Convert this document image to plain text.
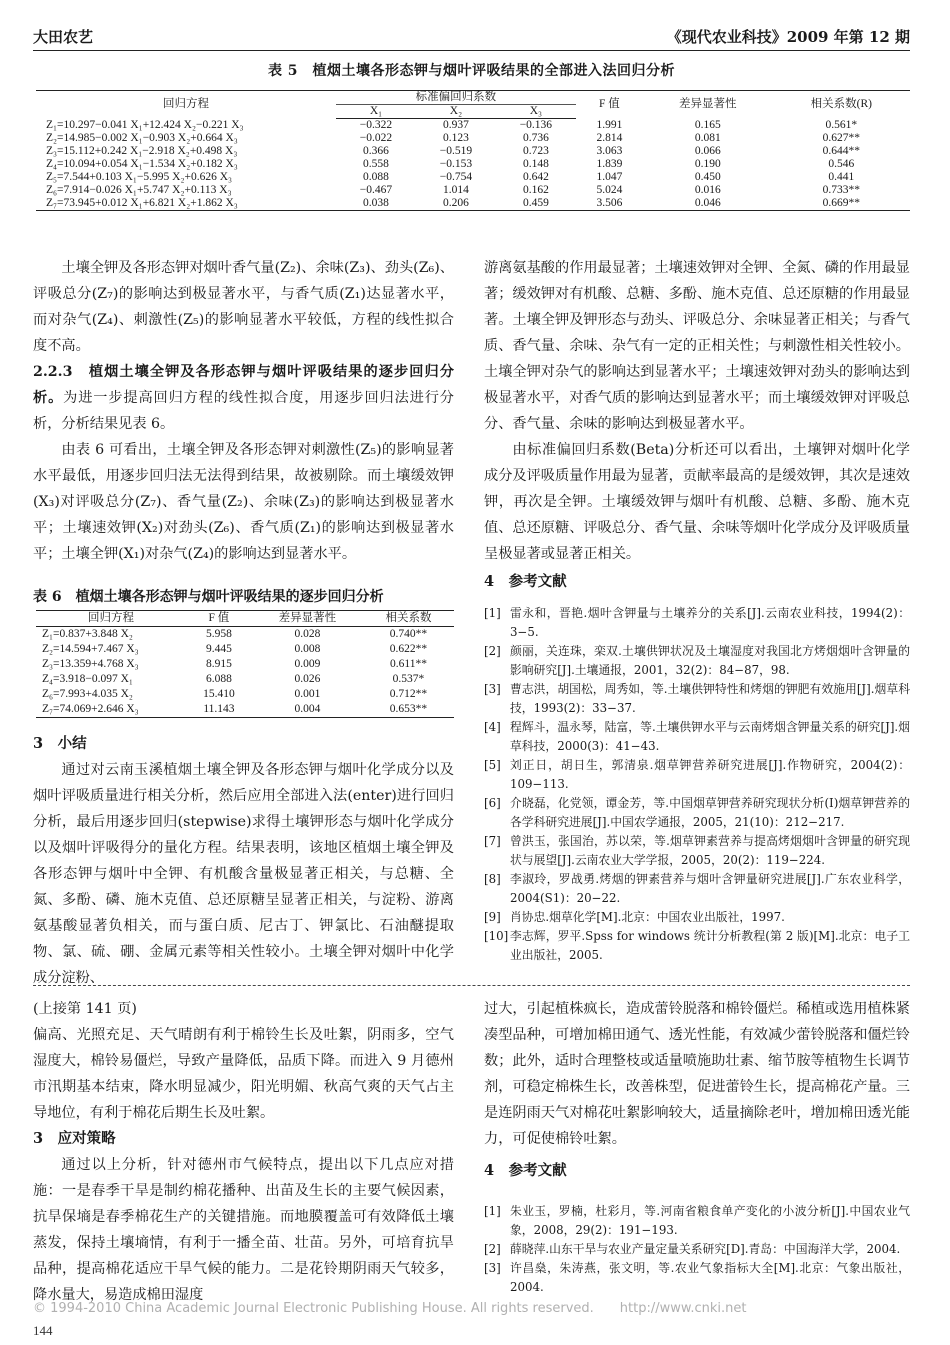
大田农艺	《现代农业科技》2009 年第 12 期
表 5　植烟土壤各形态钾与烟叶评吸结果的全部进入法回归分析
回归方程	标准偏回归系数			F 值	差异显著性	相关系数(R)
	X₁	X₂	X₃			
Z₁=10.297−0.041 X₁+12.424 X₂−0.221 X₃	−0.322	0.937	−0.136	1.991	0.165	0.561*
Z₂=14.985−0.002 X₁−0.903 X₂+0.664 X₃	−0.022	0.123	0.736	2.814	0.081	0.627**
Z₃=15.112+0.242 X₁−2.918 X₂+0.498 X₃	0.366	−0.519	0.723	3.063	0.066	0.644**
Z₄=10.094+0.054 X₁−1.534 X₂+0.182 X₃	0.558	−0.153	0.148	1.839	0.190	0.546
Z₅=7.544+0.103 X₁−5.995 X₂+0.626 X₃	0.088	−0.754	0.642	1.047	0.450	0.441
Z₆=7.914−0.026 X₁+5.747 X₂+0.113 X₃	−0.467	1.014	0.162	5.024	0.016	0.733**
Z₇=73.945+0.012 X₁+6.821 X₂+1.862 X₃	0.038	0.206	0.459	3.506	0.046	0.669**

土壤全钾及各形态钾对烟叶香气量(Z₂)、余味(Z₃)、劲头(Z₆)、评吸总分(Z₇)的影响达到极显著水平，与香气质(Z₁)达显著水平，而对杂气(Z₄)、刺激性(Z₅)的影响显著水平较低，方程的线性拟合度不高。

2.2.3　植烟土壤全钾及各形态钾与烟叶评吸结果的逐步回归分析。为进一步提高回归方程的线性拟合度，用逐步回归法进行分析，分析结果见表 6。

由表 6 可看出，土壤全钾及各形态钾对刺激性(Z₅)的影响显著水平最低，用逐步回归法无法得到结果，故被剔除。而土壤缓效钾(X₃)对评吸总分(Z₇)、香气量(Z₂)、余味(Z₃)的影响达到极显著水平；土壤速效钾(X₂)对劲头(Z₆)、香气质(Z₁)的影响达到极显著水平；土壤全钾(X₁)对杂气(Z₄)的影响达到显著水平。

表 6　植烟土壤各形态钾与烟叶评吸结果的逐步回归分析
回归方程	F 值	差异显著性	相关系数
Z₁=0.837+3.848 X₂	5.958	0.028	0.740**
Z₂=14.594+7.467 X₃	9.445	0.008	0.622**
Z₃=13.359+4.768 X₃	8.915	0.009	0.611**
Z₄=3.918−0.097 X₁	6.088	0.026	0.537*
Z₆=7.993+4.035 X₂	15.410	0.001	0.712**
Z₇=74.069+2.646 X₃	11.143	0.004	0.653**
3　小结

通过对云南玉溪植烟土壤全钾及各形态钾与烟叶化学成分以及烟叶评吸质量进行相关分析，然后应用全部进入法(enter)进行回归分析，最后用逐步回归(stepwise)求得土壤钾形态与烟叶化学成分以及烟叶评吸得分的量化方程。结果表明，该地区植烟土壤全钾及各形态钾与烟叶中全钾、有机酸含量极显著正相关，与总糖、全氮、多酚、磷、施木克值、总还原糖呈显著正相关，与淀粉、游离氨基酸显著负相关，而与蛋白质、尼古丁、钾氯比、石油醚提取物、氯、硫、硼、金属元素等相关性较小。土壤全钾对烟叶中化学成分淀粉、

游离氨基酸的作用最显著；土壤速效钾对全钾、全氮、磷的作用最显著；缓效钾对有机酸、总糖、多酚、施木克值、总还原糖的作用最显著。土壤全钾及钾形态与劲头、评吸总分、余味显著正相关；与香气质、香气量、余味、杂气有一定的正相关性；与刺激性相关性较小。土壤全钾对杂气的影响达到显著水平；土壤速效钾对劲头的影响达到极显著水平，对香气质的影响达到显著水平；而土壤缓效钾对评吸总分、香气量、余味的影响达到极显著水平。

由标准偏回归系数(Beta)分析还可以看出，土壤钾对烟叶化学成分及评吸质量作用最为显著，贡献率最高的是缓效钾，其次是速效钾，再次是全钾。土壤缓效钾与烟叶有机酸、总糖、多酚、施木克值、总还原糖、评吸总分、香气量、余味等烟叶化学成分及评吸质量呈极显著或显著正相关。

4　参考文献
[1] 雷永和，晋艳.烟叶含钾量与土壤养分的关系[J].云南农业科技，1994(2)：3−5.
[2] 颜丽，关连珠，栾双.土壤供钾状况及土壤湿度对我国北方烤烟烟叶含钾量的影响研究[J].土壤通报，2001，32(2)：84−87，98.
[3] 曹志洪，胡国松，周秀如，等.土壤供钾特性和烤烟的钾肥有效施用[J].烟草科技，1993(2)：33−37.
[4] 程辉斗，温永琴，陆富，等.土壤供钾水平与云南烤烟含钾量关系的研究[J].烟草科技，2000(3)：41−43.
[5] 刘正日，胡日生，郭清泉.烟草钾营养研究进展[J].作物研究，2004(2)：109−113.
[6] 介晓磊，化党领，谭金芳，等.中国烟草钾营养研究现状分析(I)烟草钾营养的各学科研究进展[J].中国农学通报，2005，21(10)：212−217.
[7] 曾洪玉，张国治，苏以荣，等.烟草钾素营养与提高烤烟烟叶含钾量的研究现状与展望[J].云南农业大学学报，2005，20(2)：119−224.
[8] 李淑玲，罗战勇.烤烟的钾素营养与烟叶含钾量研究进展[J].广东农业科学，2004(S1)：20−22.
[9] 肖协忠.烟草化学[M].北京：中国农业出版社，1997.
[10] 李志辉，罗平.Spss for windows 统计分析教程(第 2 版)[M].北京：电子工业出版社，2005.
(上接第 141 页)

偏高、光照充足、天气晴朗有利于棉铃生长及吐絮，阴雨多，空气湿度大，棉铃易僵烂，导致产量降低，品质下降。而进入 9 月德州市汛期基本结束，降水明显减少，阳光明媚、秋高气爽的天气占主导地位，有利于棉花后期生长及吐絮。

3　应对策略

通过以上分析，针对德州市气候特点，提出以下几点应对措施：一是春季干旱是制约棉花播种、出苗及生长的主要气候因素，抗旱保墒是春季棉花生产的关键措施。而地膜覆盖可有效降低土壤蒸发，保持土壤墒情，有利于一播全苗、壮苗。另外，可培育抗旱品种，提高棉花适应干旱气候的能力。二是花铃期阴雨天气较多，降水量大，易造成棉田湿度

过大，引起植株疯长，造成蕾铃脱落和棉铃僵烂。稀植或选用植株紧凑型品种，可增加棉田通气、透光性能，有效减少蕾铃脱落和僵烂铃数；此外，适时合理整枝或适量喷施助壮素、缩节胺等植物生长调节剂，可稳定棉株生长，改善株型，促进蕾铃生长，提高棉花产量。三是连阴雨天气对棉花吐絮影响较大，适量摘除老叶，增加棉田透光能力，可促使棉铃吐絮。

4　参考文献
[1] 朱业玉，罗楠，杜彩月，等.河南省粮食单产变化的小波分析[J].中国农业气象，2008，29(2)：191−193.
[2] 薛晓萍.山东干旱与农业产量定量关系研究[D].青岛：中国海洋大学，2004.
[3] 许昌燊，朱涛燕，张文明，等.农业气象指标大全[M].北京：气象出版社，2004.
© 1994-2010 China Academic Journal Electronic Publishing House. All rights reserved.　　http://www.cnki.net
144
